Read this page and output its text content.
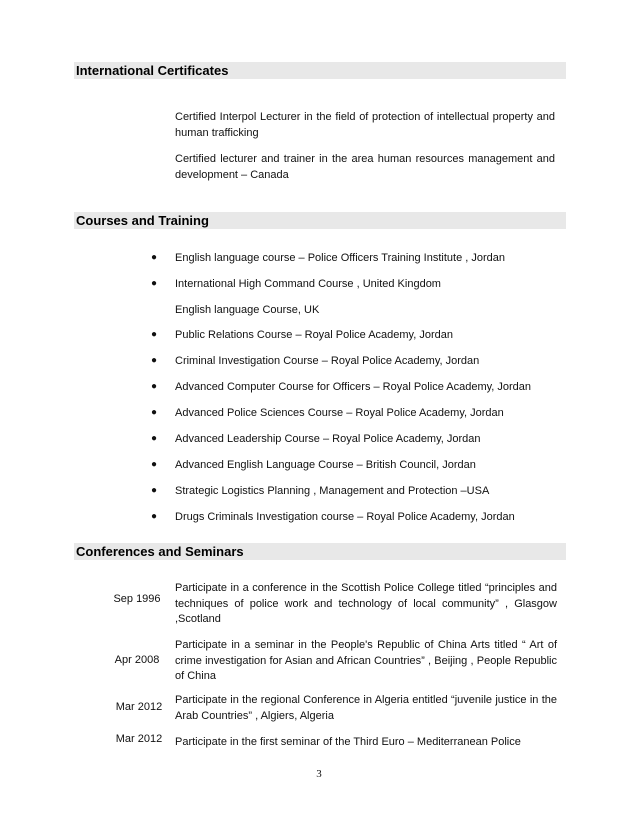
International Certificates
Certified Interpol Lecturer in the field of protection of intellectual property and human trafficking
Certified lecturer and trainer in the area human resources management and development – Canada
Courses and Training
● English language course – Police Officers Training Institute , Jordan
● International High Command Course , United Kingdom
English language Course, UK
● Public Relations Course – Royal Police Academy, Jordan
● Criminal Investigation Course – Royal Police Academy, Jordan
● Advanced Computer Course for Officers – Royal Police Academy, Jordan
● Advanced Police Sciences Course – Royal Police Academy, Jordan
● Advanced Leadership Course – Royal Police Academy, Jordan
● Advanced English Language Course – British Council, Jordan
● Strategic Logistics Planning , Management and Protection –USA
● Drugs Criminals Investigation course – Royal Police Academy, Jordan
Conferences and Seminars
Sep 1996
Participate in a conference in the Scottish Police College titled “principles and techniques of police work and technology of local community” , Glasgow ,Scotland
Apr 2008
Participate in a seminar in the People's Republic of China Arts titled “ Art of crime investigation for Asian and African Countries” , Beijing , People Republic of China
Mar 2012
Participate in the regional Conference in Algeria entitled “juvenile justice in the Arab Countries” , Algiers, Algeria
Mar 2012	Participate in the first seminar of the Third Euro – Mediterranean Police
3
